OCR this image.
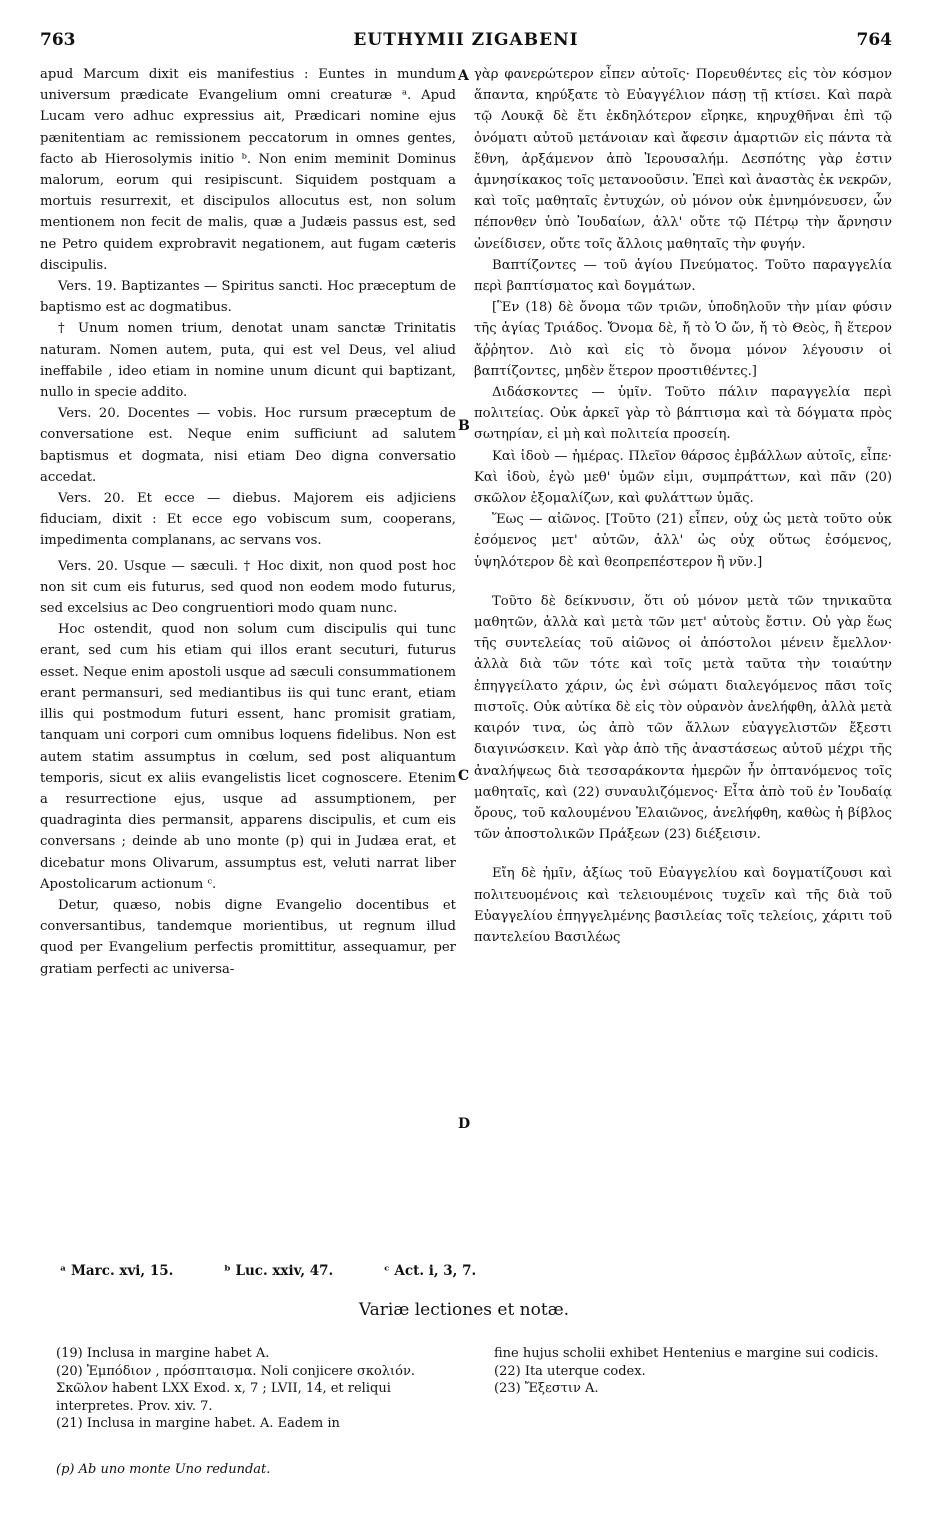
763	EUTHYMII ZIGABENI	764

apud Marcum dixit eis manifestius : Euntes in mundum universum prædicate Evangelium omni creaturæ ᵃ. Apud Lucam vero adhuc expressius ait, Prædicari nomine ejus pænitentiam ac remissionem peccatorum in omnes gentes, facto ab Hierosolymis initio ᵇ. Non enim meminit Dominus malorum, eorum qui resipiscunt. Siquidem postquam a mortuis resurrexit, et discipulos allocutus est, non solum mentionem non fecit de malis, quæ a Judæis passus est, sed ne Petro quidem exprobravit negationem, aut fugam cæteris discipulis.

Vers. 19. Baptizantes — Spiritus sancti. Hoc præceptum de baptismo est ac dogmatibus.

† Unum nomen trium, denotat unam sanctæ Trinitatis naturam. Nomen autem, puta, qui est vel Deus, vel aliud ineffabile , ideo etiam in nomine unum dicunt qui baptizant, nullo in specie addito.

Vers. 20. Docentes — vobis. Hoc rursum præceptum de conversatione est. Neque enim sufficiunt ad salutem baptismus et dogmata, nisi etiam Deo digna conversatio accedat.

Vers. 20. Et ecce — diebus. Majorem eis adjiciens fiduciam, dixit : Et ecce ego vobiscum sum, cooperans, impedimenta complanans, ac servans vos.

Vers. 20. Usque — sæculi. † Hoc dixit, non quod post hoc non sit cum eis futurus, sed quod non eodem modo futurus, sed excelsius ac Deo congruentiori modo quam nunc.

Hoc ostendit, quod non solum cum discipulis qui tunc erant, sed cum his etiam qui illos erant secuturi, futurus esset. Neque enim apostoli usque ad sæculi consummationem erant permansuri, sed mediantibus iis qui tunc erant, etiam illis qui postmodum futuri essent, hanc promisit gratiam, tanquam uni corpori cum omnibus loquens fidelibus. Non est autem statim assumptus in cœlum, sed post aliquantum temporis, sicut ex aliis evangelistis licet cognoscere. Etenim a resurrectione ejus, usque ad assumptionem, per quadraginta dies permansit, apparens discipulis, et cum eis conversans ; deinde ab uno monte (p) qui in Judæa erat, et dicebatur mons Olivarum, assumptus est, veluti narrat liber Apostolicarum actionum ᶜ.

Detur, quæso, nobis digne Evangelio docentibus et conversantibus, tandemque morientibus, ut regnum illud quod per Evangelium perfectis promittitur, assequamur, per gratiam perfecti ac universa-

A
B
C
D

γὰρ φανερώτερον εἶπεν αὐτοῖς· Πορευθέντες εἰς τὸν κόσμον ἅπαντα, κηρύξατε τὸ Εὐαγγέλιον πάσῃ τῇ κτίσει. Καὶ παρὰ τῷ Λουκᾷ δὲ ἔτι ἐκδηλότερον εἴρηκε, κηρυχθῆναι ἐπὶ τῷ ὀνόματι αὐτοῦ μετάνοιαν καὶ ἄφεσιν ἁμαρτιῶν εἰς πάντα τὰ ἔθνη, ἀρξάμενον ἀπὸ Ἱερουσαλήμ. Δεσπότης γὰρ ἐστιν ἀμνησίκακος τοῖς μετανοοῦσιν. Ἐπεὶ καὶ ἀναστὰς ἐκ νεκρῶν, καὶ τοῖς μαθηταῖς ἐντυχών, οὐ μόνον οὐκ ἐμνημόνευσεν, ὧν πέπονθεν ὑπὸ Ἰουδαίων, ἀλλ' οὔτε τῷ Πέτρῳ τὴν ἄρνησιν ὠνείδισεν, οὔτε τοῖς ἄλλοις μαθηταῖς τὴν φυγήν.

Βαπτίζοντες — τοῦ ἁγίου Πνεύματος. Τοῦτο παραγγελία περὶ βαπτίσματος καὶ δογμάτων.

[Ἓν (18) δὲ ὄνομα τῶν τριῶν, ὑποδηλοῦν τὴν μίαν φύσιν τῆς ἁγίας Τριάδος. Ὄνομα δὲ, ἤ τὸ Ὁ ὤν, ἤ τὸ Θεὸς, ἢ ἕτερον ἄῤῥητον. Διὸ καὶ εἰς τὸ ὄνομα μόνον λέγουσιν οἱ βαπτίζοντες, μηδὲν ἕτερον προστιθέντες.]

Διδάσκοντες — ὑμῖν. Τοῦτο πάλιν παραγγελία περὶ πολιτείας. Οὐκ ἀρκεῖ γὰρ τὸ βάπτισμα καὶ τὰ δόγματα πρὸς σωτηρίαν, εἰ μὴ καὶ πολιτεία προσείη.

Καὶ ἰδοὺ — ἡμέρας. Πλεῖον θάρσος ἐμβάλλων αὐτοῖς, εἶπε· Καὶ ἰδοὺ, ἐγὼ μεθ' ὑμῶν εἰμι, συμπράττων, καὶ πᾶν (20) σκῶλον ἐξομαλίζων, καὶ φυλάττων ὑμᾶς.

Ἕως — αἰῶνος. [Τοῦτο (21) εἶπεν, οὐχ ὡς μετὰ τοῦτο οὐκ ἐσόμενος μετ' αὐτῶν, ἀλλ' ὡς οὐχ οὕτως ἐσόμενος, ὑψηλότερον δὲ καὶ θεοπρεπέστερον ἢ νῦν.]

Τοῦτο δὲ δείκνυσιν, ὅτι οὐ μόνον μετὰ τῶν τηνικαῦτα μαθητῶν, ἀλλὰ καὶ μετὰ τῶν μετ' αὐτοὺς ἔστιν. Οὐ γὰρ ἕως τῆς συντελείας τοῦ αἰῶνος οἱ ἀπόστολοι μένειν ἔμελλον· ἀλλὰ διὰ τῶν τότε καὶ τοῖς μετὰ ταῦτα τὴν τοιαύτην ἐπηγγείλατο χάριν, ὡς ἐνὶ σώματι διαλεγόμενος πᾶσι τοῖς πιστοῖς. Οὐκ αὐτίκα δὲ εἰς τὸν οὐρανὸν ἀνελήφθη, ἀλλὰ μετὰ καιρόν τινα, ὡς ἀπὸ τῶν ἄλλων εὐαγγελιστῶν ἔξεστι διαγινώσκειν. Καὶ γὰρ ἀπὸ τῆς ἀναστάσεως αὐτοῦ μέχρι τῆς ἀναλήψεως διὰ τεσσαράκοντα ἡμερῶν ἦν ὀπτανόμενος τοῖς μαθηταῖς, καὶ (22) συναυλιζόμενος· Εἶτα ἀπὸ τοῦ ἐν Ἰουδαίᾳ ὄρους, τοῦ καλουμένου Ἐλαιῶνος, ἀνελήφθη, καθὼς ἡ βίβλος τῶν ἀποστολικῶν Πράξεων (23) διέξεισιν.

Εἴη δὲ ἡμῖν, ἀξίως τοῦ Εὐαγγελίου καὶ δογματίζουσι καὶ πολιτευομένοις καὶ τελειουμένοις τυχεῖν καὶ τῆς διὰ τοῦ Εὐαγγελίου ἐπηγγελμένης βασιλείας τοῖς τελείοις, χάριτι τοῦ παντελείου Βασιλέως

ᵃ Marc. xvi, 15.	ᵇ Luc. xxiv, 47.	ᶜ Act. i, 3, 7.
Variæ lectiones et notæ.

(19) Inclusa in margine habet A.

(20) Ἐμπόδιον , πρόσπταισμα. Noli conjicere σκολιόν. Σκῶλον habent LXX Exod. x, 7 ; LVII, 14, et reliqui interpretes. Prov. xiv. 7.

(21) Inclusa in margine habet. A. Eadem in

fine hujus scholii exhibet Hentenius e margine sui codicis.

(22) Ita uterque codex.

(23) Ἔξεστιν A.

(p) Ab uno monte Uno redundat.
